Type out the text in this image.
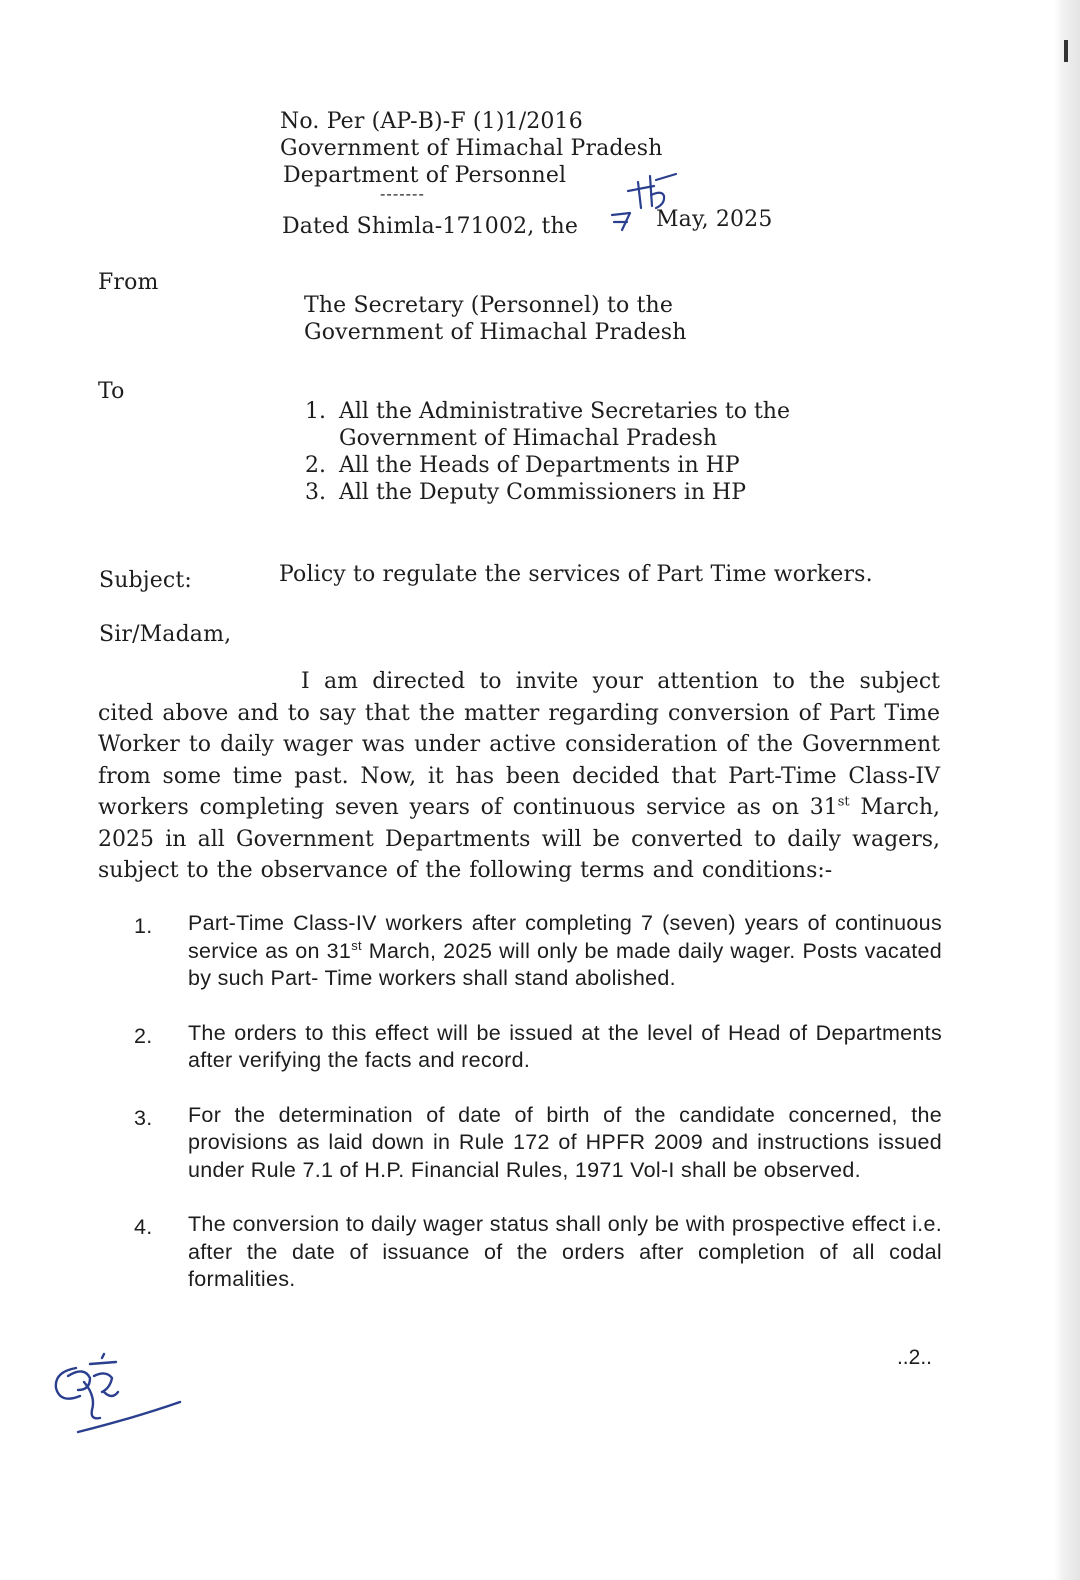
No. Per (AP-B)-F (1)1/2016
Government of Himachal Pradesh
Department of Personnel
-------
Dated Shimla-171002, the	May, 2025
From
The Secretary (Personnel) to the
Government of Himachal Pradesh
To
1. All the Administrative Secretaries to the
Government of Himachal Pradesh
2. All the Heads of Departments in HP
3. All the Deputy Commissioners in HP
Subject:	Policy to regulate the services of Part Time workers.
Sir/Madam,
I am directed to invite your attention to the subject cited above and to say that the matter regarding conversion of Part Time Worker to daily wager was under active consideration of the Government from some time past. Now, it has been decided that Part-Time Class-IV workers completing seven years of continuous service as on 31st March, 2025 in all Government Departments will be converted to daily wagers, subject to the observance of the following terms and conditions:-
1.	Part-Time Class-IV workers after completing 7 (seven) years of continuous service as on 31st March, 2025 will only be made daily wager. Posts vacated by such Part- Time workers shall stand abolished.
2.	The orders to this effect will be issued at the level of Head of Departments after verifying the facts and record.
3.	For the determination of date of birth of the candidate concerned, the provisions as laid down in Rule 172 of HPFR 2009 and instructions issued under Rule 7.1 of H.P. Financial Rules, 1971 Vol-I shall be observed.
4.	The conversion to daily wager status shall only be with prospective effect i.e. after the date of issuance of the orders after completion of all codal formalities.
..2..
